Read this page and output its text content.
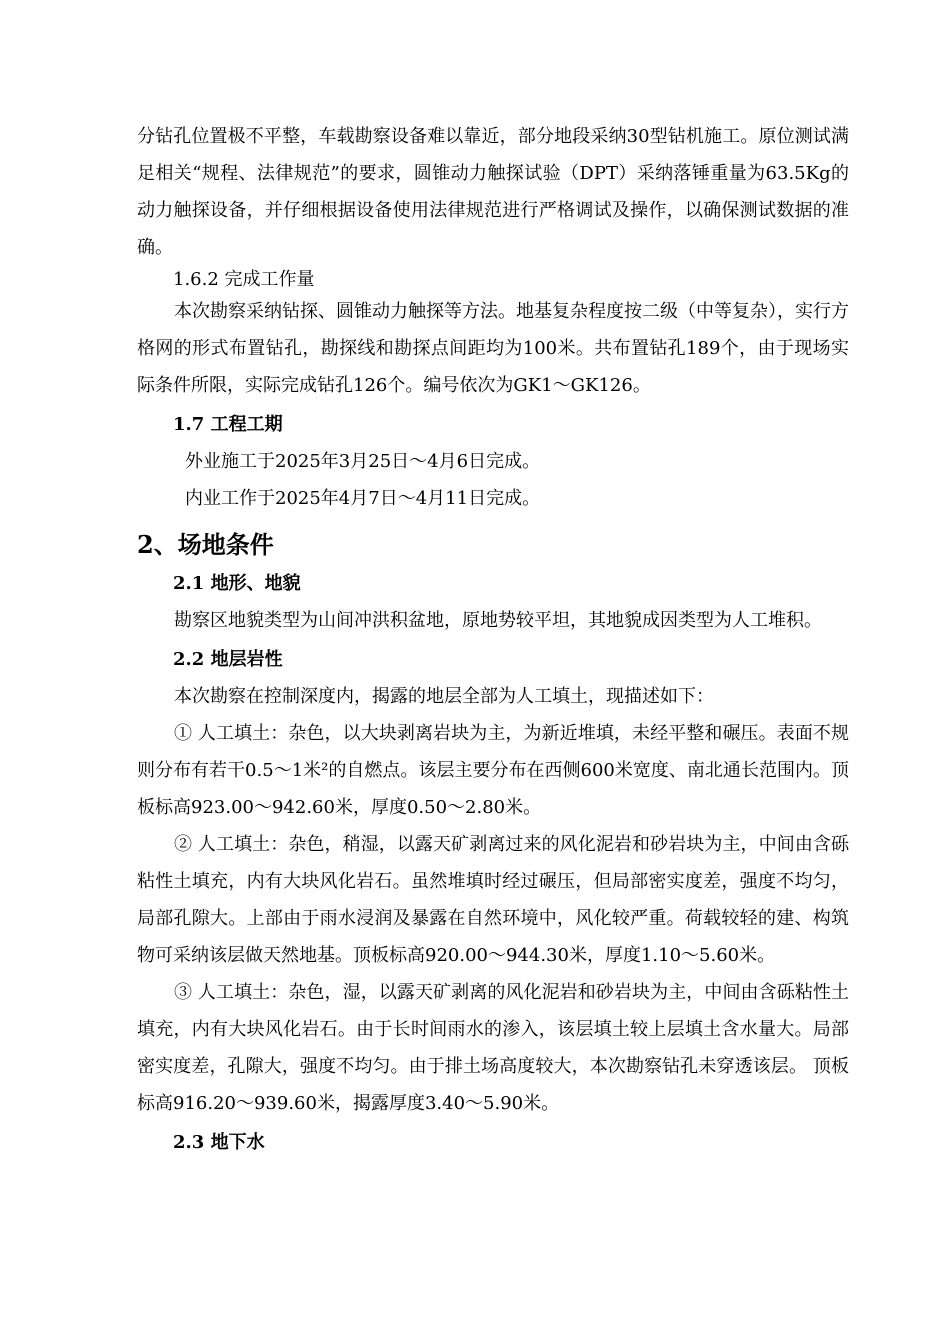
分钻孔位置极不平整，车载勘察设备难以靠近，部分地段采纳30型钻机施工。原位测试满足相关“规程、法律规范”的要求，圆锥动力触探试验（DPT）采纳落锤重量为63.5Kg的动力触探设备，并仔细根据设备使用法律规范进行严格调试及操作，以确保测试数据的准确。

1.6.2 完成工作量

本次勘察采纳钻探、圆锥动力触探等方法。地基复杂程度按二级（中等复杂），实行方格网的形式布置钻孔，勘探线和勘探点间距均为100米。共布置钻孔189个，由于现场实际条件所限，实际完成钻孔126个。编号依次为GK1～GK126。

1.7 工程工期

外业施工于2025年3月25日～4月6日完成。

内业工作于2025年4月7日～4月11日完成。

2、场地条件

2.1 地形、地貌

勘察区地貌类型为山间冲洪积盆地，原地势较平坦，其地貌成因类型为人工堆积。

2.2 地层岩性

本次勘察在控制深度内，揭露的地层全部为人工填土，现描述如下：

① 人工填土：杂色，以大块剥离岩块为主，为新近堆填，未经平整和碾压。表面不规则分布有若干0.5～1米²的自燃点。该层主要分布在西侧600米宽度、南北通长范围内。顶板标高923.00～942.60米，厚度0.50～2.80米。

② 人工填土：杂色，稍湿，以露天矿剥离过来的风化泥岩和砂岩块为主，中间由含砾粘性土填充，内有大块风化岩石。虽然堆填时经过碾压，但局部密实度差，强度不均匀，局部孔隙大。上部由于雨水浸润及暴露在自然环境中，风化较严重。荷载较轻的建、构筑物可采纳该层做天然地基。顶板标高920.00～944.30米，厚度1.10～5.60米。

③ 人工填土：杂色，湿，以露天矿剥离的风化泥岩和砂岩块为主，中间由含砾粘性土填充，内有大块风化岩石。由于长时间雨水的渗入，该层填土较上层填土含水量大。局部密实度差，孔隙大，强度不均匀。由于排土场高度较大，本次勘察钻孔未穿透该层。 顶板标高916.20～939.60米，揭露厚度3.40～5.90米。

2.3 地下水
